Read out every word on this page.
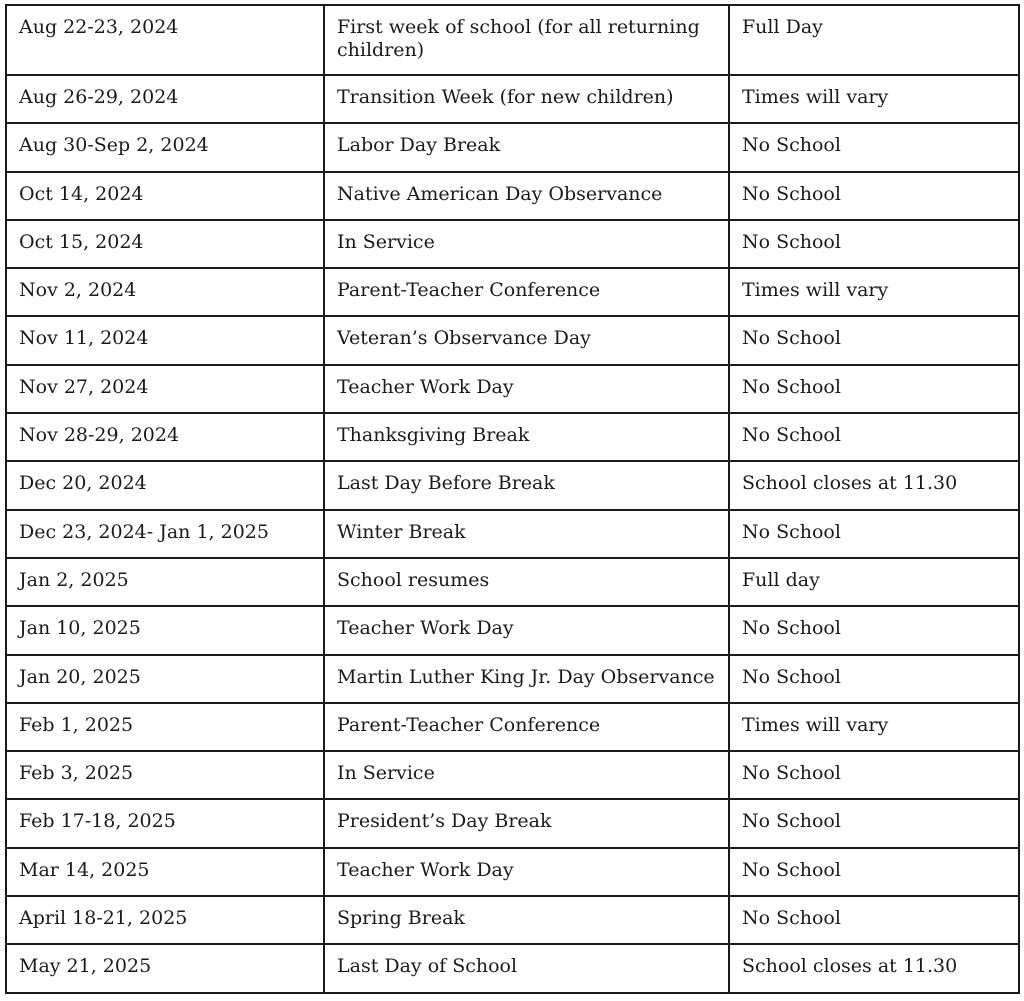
Aug 22-23, 2024	First week of school (for all returning children)	Full Day
Aug 26-29, 2024	Transition Week (for new children)	Times will vary
Aug 30-Sep 2, 2024	Labor Day Break	No School
Oct 14, 2024	Native American Day Observance	No School
Oct 15, 2024	In Service	No School
Nov 2, 2024	Parent-Teacher Conference	Times will vary
Nov 11, 2024	Veteran’s Observance Day	No School
Nov 27, 2024	Teacher Work Day	No School
Nov 28-29, 2024	Thanksgiving Break	No School
Dec 20, 2024	Last Day Before Break	School closes at 11.30
Dec 23, 2024- Jan 1, 2025	Winter Break	No School
Jan 2, 2025	School resumes	Full day
Jan 10, 2025	Teacher Work Day	No School
Jan 20, 2025	Martin Luther King Jr. Day Observance	No School
Feb 1, 2025	Parent-Teacher Conference	Times will vary
Feb 3, 2025	In Service	No School
Feb 17-18, 2025	President’s Day Break	No School
Mar 14, 2025	Teacher Work Day	No School
April 18-21, 2025	Spring Break	No School
May 21, 2025	Last Day of School	School closes at 11.30
